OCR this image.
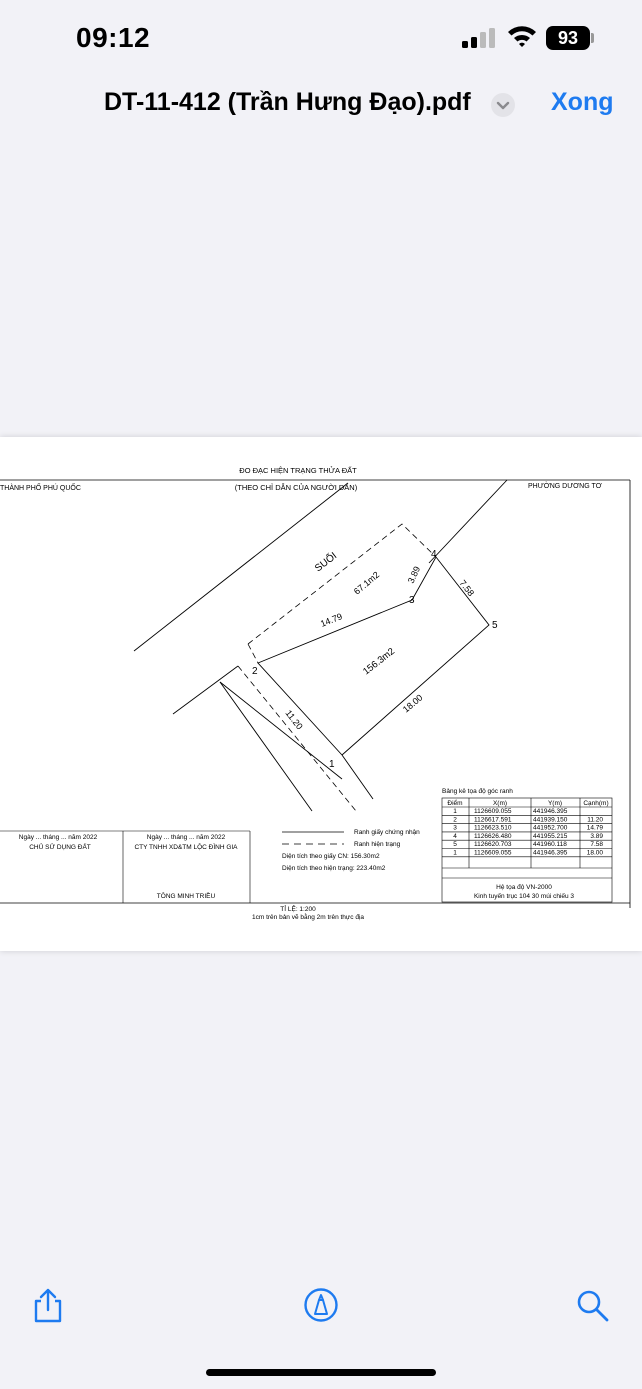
09:12	93
DT-11-412 (Trần Hưng Đạo).pdf	Xong
ĐO ĐẠC HIỆN TRẠNG THỬA ĐẤT
(THEO CHỈ DẪN CỦA NGƯỜI DÂN)
THÀNH PHỐ PHÚ QUỐC	PHƯỜNG DƯƠNG TƠ
SUỐI
67.1m2
14.79
3.89
7.58
156.3m2
18.00
11.20
1
2
3
4
5
Bảng kê tọa độ góc ranh
Điểm	X(m)	Y(m)	Cạnh(m)
1	1126609.055	441946.395
2	1126617.591	441939.150	11.20
3	1126623.510	441952.700	14.79
4	1126626.480	441955.215	3.89
5	1126620.703	441960.118	7.58
1	1126609.055	441946.395	18.00
Hệ tọa độ VN-2000
Kinh tuyến trục 104 30 múi chiếu 3
Ranh giấy chứng nhận
Ranh hiện trạng
Diện tích theo giấy CN: 156.30m2
Diện tích theo hiện trạng: 223.40m2
Ngày ... tháng ... năm 2022
CHỦ SỬ DỤNG ĐẤT
Ngày ... tháng ... năm 2022
CTY TNHH XD&TM LỘC ĐÌNH GIA
TÔNG MINH TRIỀU
TỈ LỆ: 1:200
1cm trên bản vẽ bằng 2m trên thực địa
